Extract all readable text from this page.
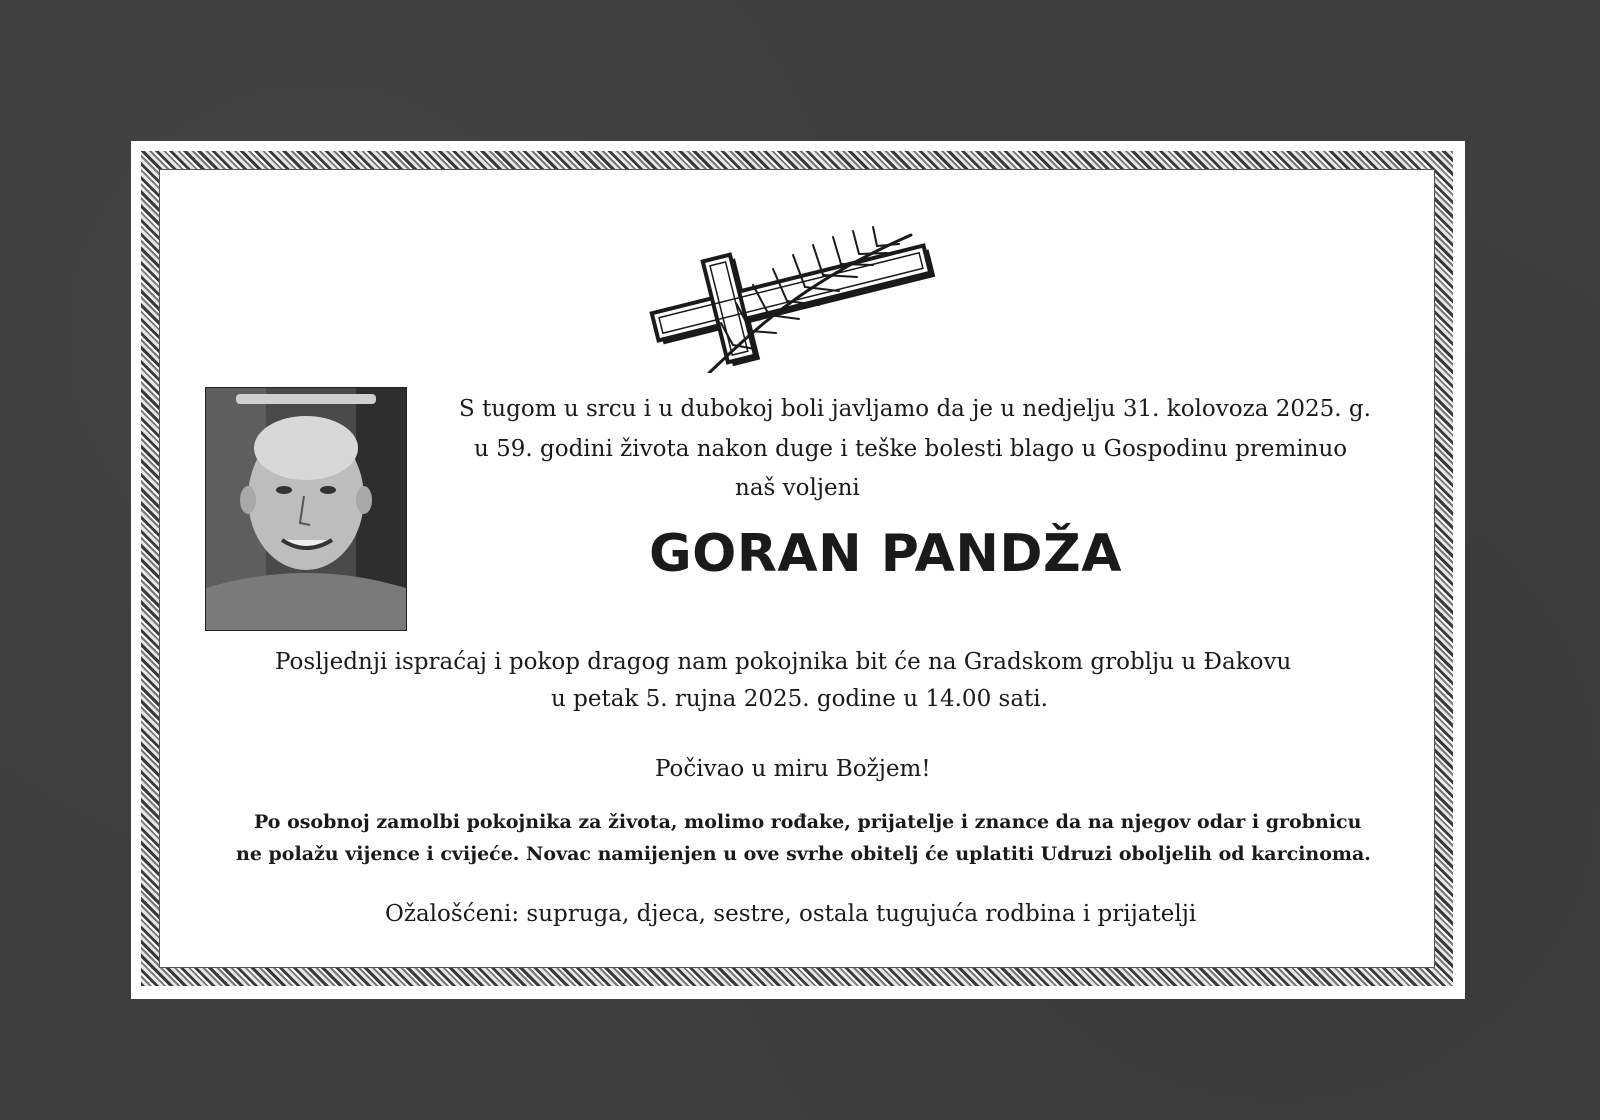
S tugom u srcu i u dubokoj boli javljamo da je u nedjelju 31. kolovoza 2025. g.
u 59. godini života nakon duge i teške bolesti blago u Gospodinu preminuo
naš voljeni
GORAN PANDŽA
Posljednji ispraćaj i pokop dragog nam pokojnika bit će na Gradskom groblju u Đakovu
u petak 5. rujna 2025. godine u 14.00 sati.
Počivao u miru Božjem!
Po osobnoj zamolbi pokojnika za života, molimo rođake, prijatelje i znance da na njegov odar i grobnicu
ne polažu vijence i cvijeće. Novac namijenjen u ove svrhe obitelj će uplatiti Udruzi oboljelih od karcinoma.
Ožalošćeni: supruga, djeca, sestre, ostala tugujuća rodbina i prijatelji
